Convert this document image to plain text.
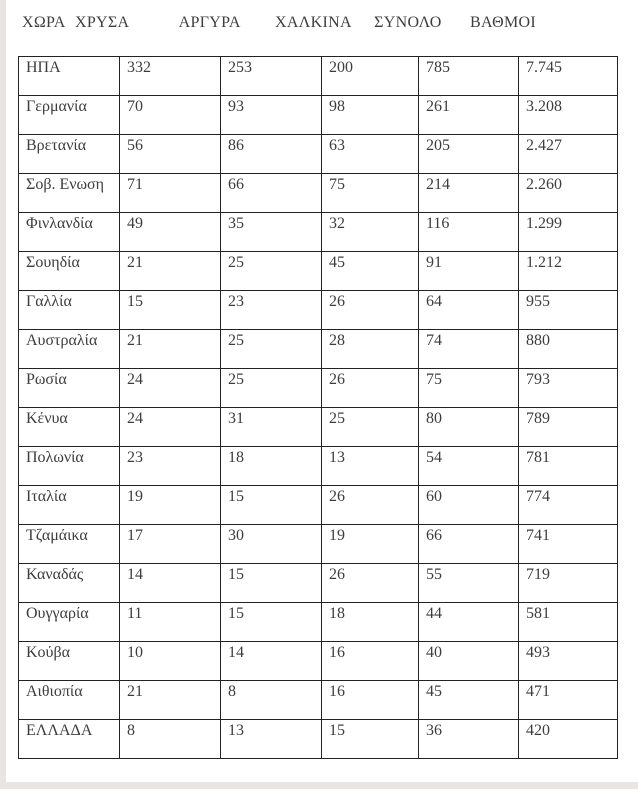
ΧΩΡΑ ΧΡΥΣΑ	ΑΡΓΥΡΑ ΧΑΛΚΙΝΑ ΣΥΝΟΛΟ ΒΑΘΜΟΙ
ΗΠΑ	332	253	200	785	7.745
Γερμανία	70	93	98	261	3.208
Βρετανία	56	86	63	205	2.427
Σοβ. Ενωση	71	66	75	214	2.260
Φινλανδία	49	35	32	116	1.299
Σουηδία	21	25	45	91	1.212
Γαλλία	15	23	26	64	955
Αυστραλία	21	25	28	74	880
Ρωσία	24	25	26	75	793
Κένυα	24	31	25	80	789
Πολωνία	23	18	13	54	781
Ιταλία	19	15	26	60	774
Τζαμάικα	17	30	19	66	741
Καναδάς	14	15	26	55	719
Ουγγαρία	11	15	18	44	581
Κούβα	10	14	16	40	493
Αιθιοπία	21	8	16	45	471
ΕΛΛΑΔΑ	8	13	15	36	420
